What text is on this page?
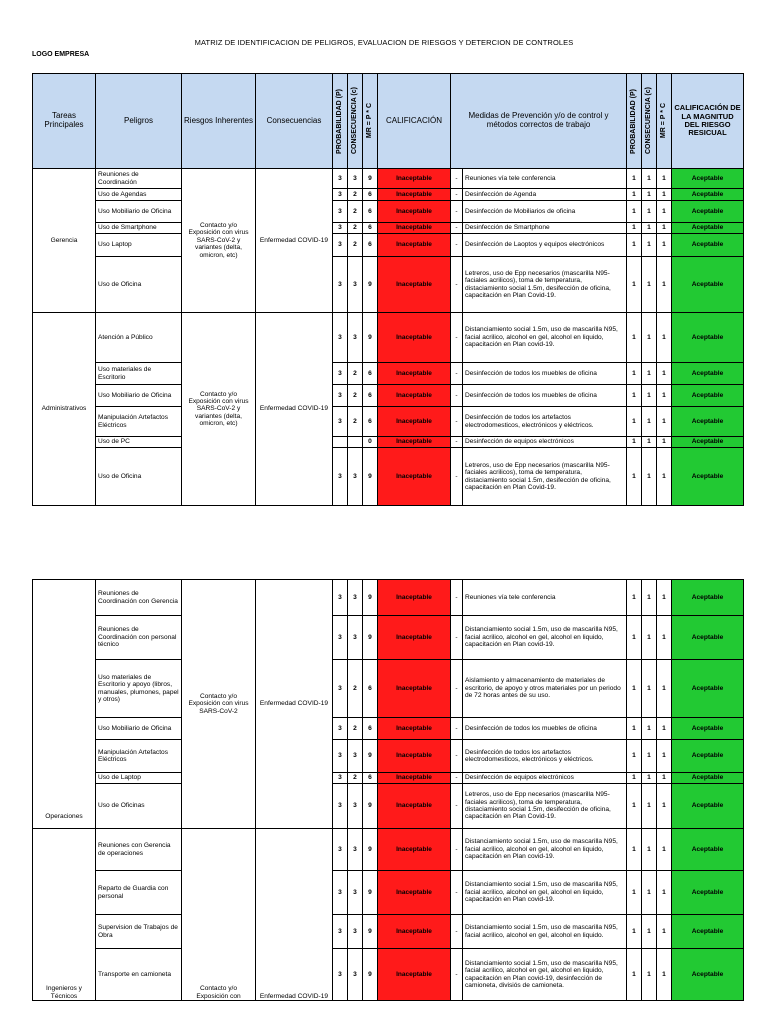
MATRIZ DE IDENTIFICACION DE PELIGROS, EVALUACION DE RIESGOS Y DETERCION DE CONTROLES
LOGO EMPRESA
Tareas Principales	Peligros	Riesgos Inherentes	Consecuencias	PROBABILIDAD (P)	CONSECUENCIA (c)	MR = P * C	CALIFICACIÓN	Medidas de Prevención y/o de control y métodos correctos de trabajo		PROBABILIDAD (P)	CONSECUENCIA (c)	MR = P * C	CALIFICACIÓN DE LA MAGNITUD DEL RIESGO RESICUAL
Gerencia	Reuniones de Coordinación	Contacto y/o Exposición con virus SARS-CoV-2 y variantes (delta, omicron, etc)	Enfermedad COVID-19	3	3	9	Inaceptable	-	Reuniones vía tele conferencia	1	1	1	Aceptable
	Uso de Agendas			3	2	6	Inaceptable	-	Desinfección de Agenda	1	1	1	Aceptable
	Uso Mobiliario de Oficina			3	2	6	Inaceptable	-	Desinfección de Mobiliarios de oficina	1	1	1	Aceptable
	Uso de Smartphone			3	2	6	Inaceptable	-	Desinfección de Smartphone	1	1	1	Aceptable
	Uso Laptop			3	2	6	Inaceptable	-	Desinfección de Laoptos y equipos electrónicos	1	1	1	Aceptable
	Uso de Oficina			3	3	9	Inaceptable	-	Letreros, uso de Epp necesarios (mascarilla N95-faciales acrilicos), toma de temperatura, distaciamiento social 1.5m, desifección de oficina, capacitación en Plan Covid-19.	1	1	1	Aceptable
Administrativos	Atención a Público	Contacto y/o Exposición con virus SARS-CoV-2 y variantes (delta, omicron, etc)	Enfermedad COVID-19	3	3	9	Inaceptable	-	Distanciamiento social 1.5m, uso de mascarilla N95, facial acrilico, alcohol en gel, alcohol en liquido, capacitación en Plan covid-19.	1	1	1	Aceptable
	Uso materiales de Escritorio			3	2	6	Inaceptable	-	Desinfección de todos los muebles de oficina	1	1	1	Aceptable
	Uso Mobiliario de Oficina			3	2	6	Inaceptable	-	Desinfección de todos los muebles de oficina	1	1	1	Aceptable
	Manipulación Artefactos Eléctricos			3	2	6	Inaceptable	-	Desinfección de todos los artefactos electrodomesticos, electrónicos y eléctricos.	1	1	1	Aceptable
	Uso de PC					0	Inaceptable	-	Desinfección de equipos electrónicos	1	1	1	Aceptable
	Uso de Oficina			3	3	9	Inaceptable	-	Letreros, uso de Epp necesarios (mascarilla N95-faciales acrilicos), toma de temperatura, distaciamiento social 1.5m, desifección de oficina, capacitación en Plan Covid-19.	1	1	1	Aceptable
Operaciones	Reuniones de Coordinación con Gerencia	Contacto y/o Exposición con virus SARS-CoV-2	Enfermedad COVID-19	3	3	9	Inaceptable	-	Reuniones vía tele conferencia	1	1	1	Aceptable
	Reuniones de Coordinación con personal técnico			3	3	9	Inaceptable	-	Distanciamiento social 1.5m, uso de mascarilla N95, facial acrilico, alcohol en gel, alcohol en liquido, capacitación en Plan covid-19.	1	1	1	Aceptable
	Uso materiales de Escritorio y apoyo (libros, manuales, plumones, papel y otros)			3	2	6	Inaceptable	-	Aislamiento y almacenamiento de materiales de escritorio, de apoyo y otros materiales por un periodo de 72 horas antes de su uso.	1	1	1	Aceptable
	Uso Mobiliario de Oficina			3	2	6	Inaceptable	-	Desinfección de todos los muebles de oficina	1	1	1	Aceptable
	Manipulación Artefactos Eléctricos			3	3	9	Inaceptable	-	Desinfección de todos los artefactos electrodomesticos, electrónicos y eléctricos.	1	1	1	Aceptable
	Uso de Laptop			3	2	6	Inaceptable	-	Desinfección de equipos electrónicos	1	1	1	Aceptable
	Uso de Oficinas			3	3	9	Inaceptable	-	Letreros, uso de Epp necesarios (mascarilla N95-faciales acrilicos), toma de temperatura, distaciamiento social 1.5m, desifección de oficina, capacitación en Plan Covid-19.	1	1	1	Aceptable
Ingenieros y Técnicos	Reuniones con Gerencia de operaciones	Contacto y/o Exposición con	Enfermedad COVID-19	3	3	9	Inaceptable	-	Distanciamiento social 1.5m, uso de mascarilla N95, facial acrilico, alcohol en gel, alcohol en liquido, capacitación en Plan covid-19.	1	1	1	Aceptable
	Reparto de Guardia con personal			3	3	9	Inaceptable	-	Distanciamiento social 1.5m, uso de mascarilla N95, facial acrilico, alcohol en gel, alcohol en liquido, capacitación en Plan covid-19.	1	1	1	Aceptable
	Supervision de Trabajos de Obra			3	3	9	Inaceptable	-	Distanciamiento social 1.5m, uso de mascarilla N95, facial acrilico, alcohol en gel, alcohol en liquido.	1	1	1	Aceptable
	Transporte en camioneta			3	3	9	Inaceptable	-	Distanciamiento social 1.5m, uso de mascarilla N95, facial acrilico, alcohol en gel, alcohol en liquido, capacitación en Plan covid-19, desinfección de camioneta, divisiós de camioneta.	1	1	1	Aceptable
